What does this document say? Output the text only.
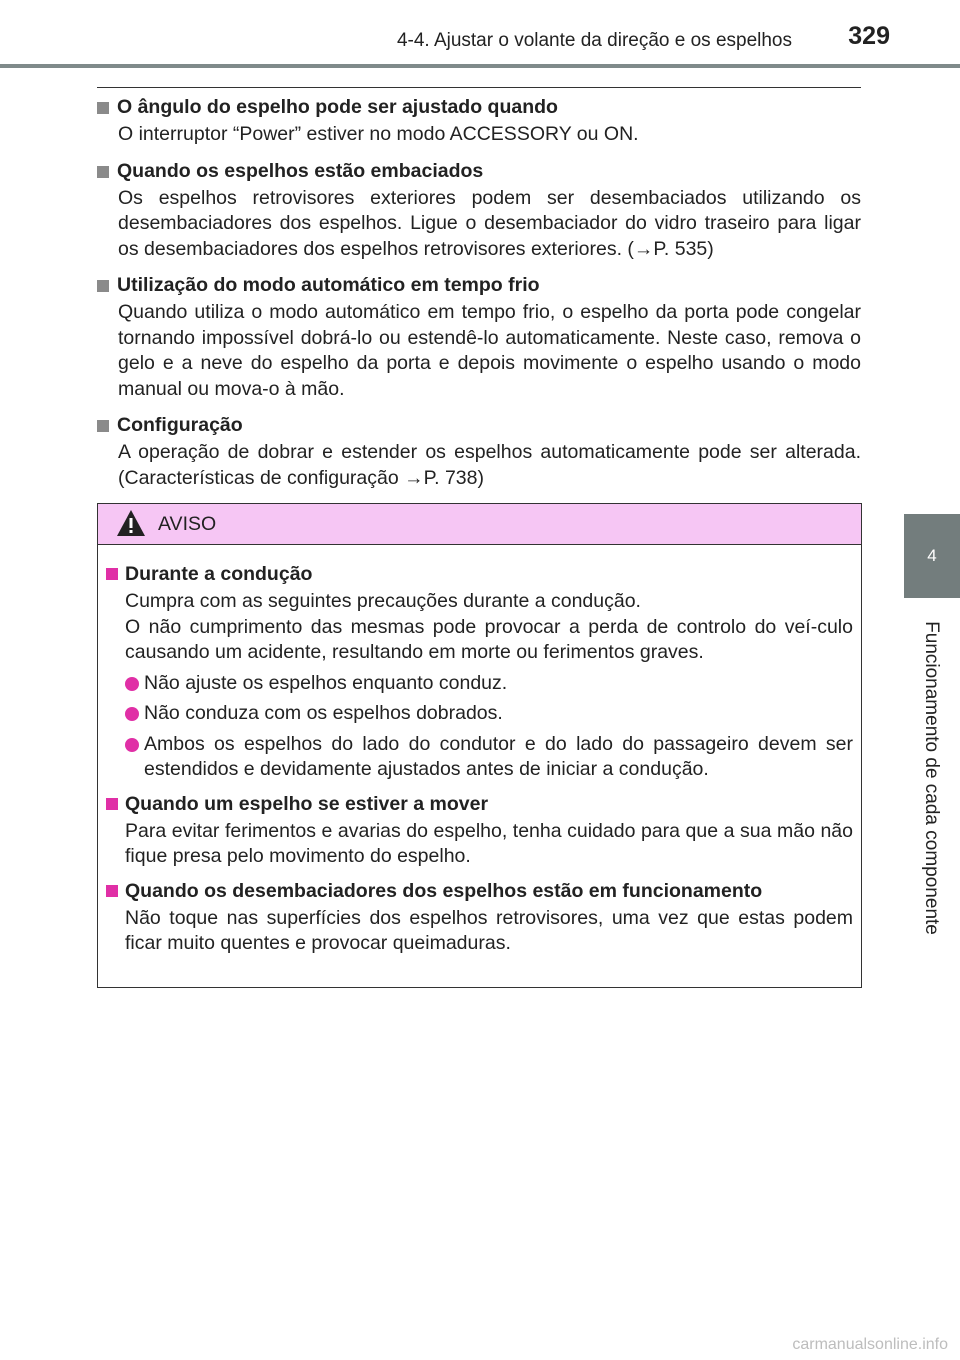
4-4. Ajustar o volante da direção e os espelhos	329
4
Funcionamento de cada componente
O ângulo do espelho pode ser ajustado quando
O interruptor “Power” estiver no modo ACCESSORY ou ON.
Quando os espelhos estão embaciados
Os espelhos retrovisores exteriores podem ser desembaciados utilizando os desembaciadores dos espelhos. Ligue o desembaciador do vidro traseiro para ligar os desembaciadores dos espelhos retrovisores exteriores. (→P. 535)
Utilização do modo automático em tempo frio
Quando utiliza o modo automático em tempo frio, o espelho da porta pode congelar tornando impossível dobrá-lo ou estendê-lo automaticamente. Neste caso, remova o gelo e a neve do espelho da porta e depois movimente o espelho usando o modo manual ou mova-o à mão.
Configuração
A operação de dobrar e estender os espelhos automaticamente pode ser alterada. (Características de configuração →P. 738)
AVISO
Durante a condução
Cumpra com as seguintes precauções durante a condução.
O não cumprimento das mesmas pode provocar a perda de controlo do veí-culo causando um acidente, resultando em morte ou ferimentos graves.
Não ajuste os espelhos enquanto conduz.
Não conduza com os espelhos dobrados.
Ambos os espelhos do lado do condutor e do lado do passageiro devem ser estendidos e devidamente ajustados antes de iniciar a condução.
Quando um espelho se estiver a mover
Para evitar ferimentos e avarias do espelho, tenha cuidado para que a sua mão não fique presa pelo movimento do espelho.
Quando os desembaciadores dos espelhos estão em funcionamento
Não toque nas superfícies dos espelhos retrovisores, uma vez que estas podem ficar muito quentes e provocar queimaduras.
carmanualsonline.info
